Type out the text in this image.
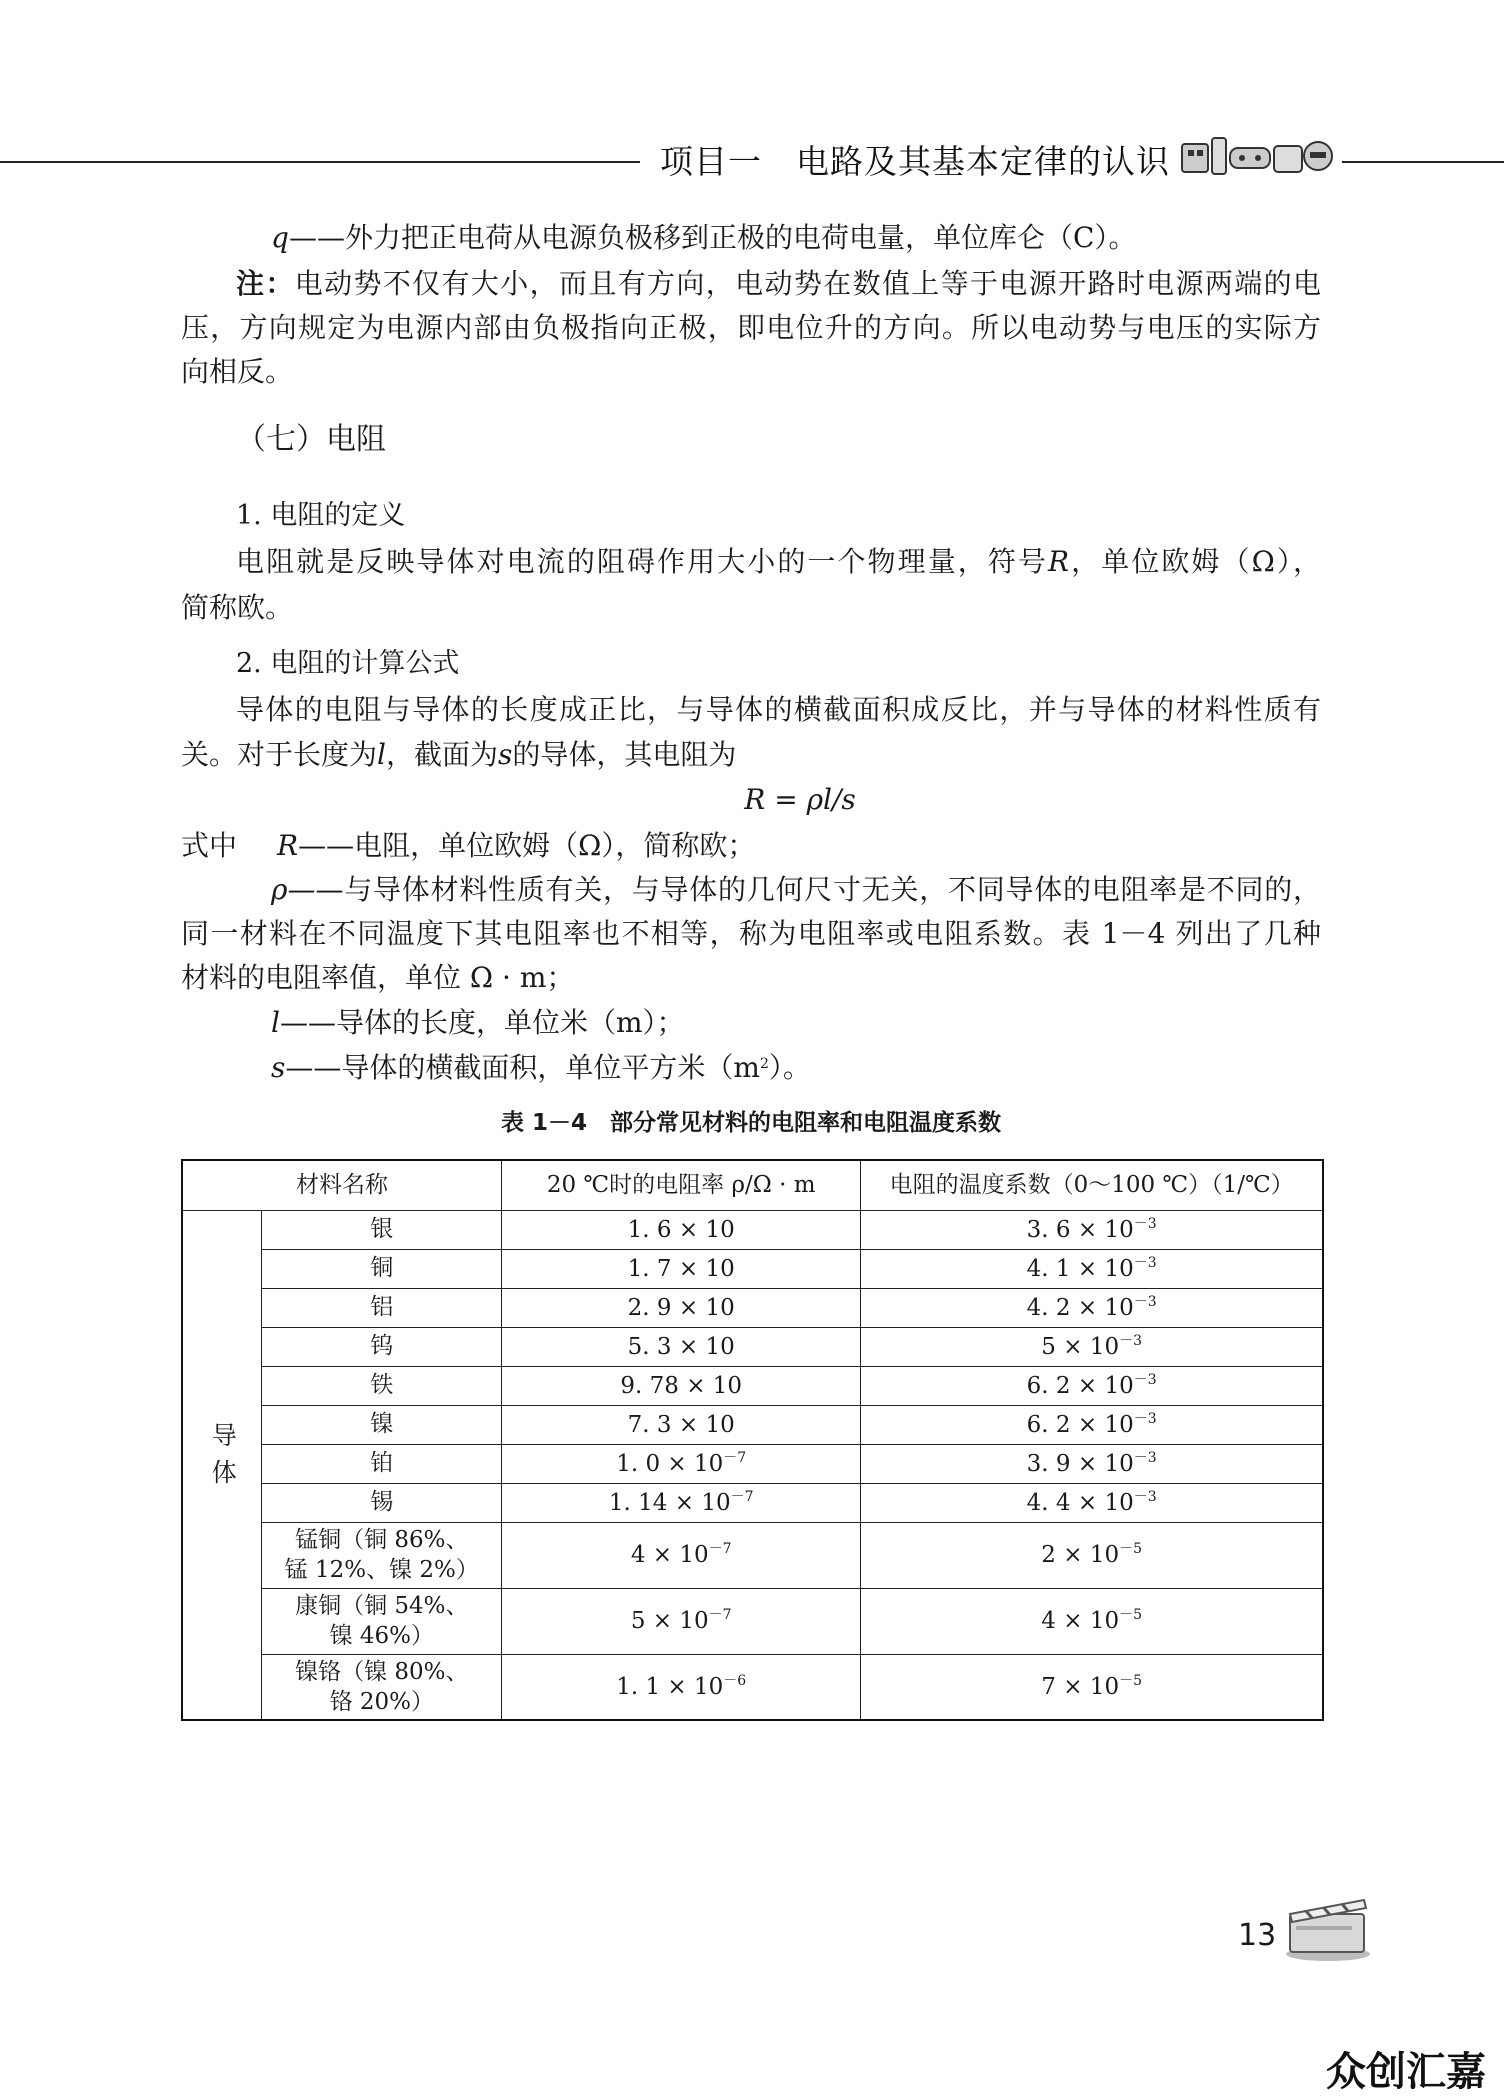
项目一　电路及其基本定律的认识
q——外力把正电荷从电源负极移到正极的电荷电量，单位库仑（C）。
注：电动势不仅有大小，而且有方向，电动势在数值上等于电源开路时电源两端的电
压，方向规定为电源内部由负极指向正极，即电位升的方向。所以电动势与电压的实际方
向相反。
（七）电阻
1. 电阻的定义
电阻就是反映导体对电流的阻碍作用大小的一个物理量，符号R，单位欧姆（Ω），
简称欧。
2. 电阻的计算公式
导体的电阻与导体的长度成正比，与导体的横截面积成反比，并与导体的材料性质有
关。对于长度为l，截面为s的导体，其电阻为
R = ρl/s
式中 R——电阻，单位欧姆（Ω），简称欧；
ρ——与导体材料性质有关，与导体的几何尺寸无关，不同导体的电阻率是不同的，
同一材料在不同温度下其电阻率也不相等，称为电阻率或电阻系数。表 1－4 列出了几种
材料的电阻率值，单位 Ω · m；
l——导体的长度，单位米（m）；
s——导体的横截面积，单位平方米$(m^2)$。
表 1－4　部分常见材料的电阻率和电阻温度系数
材料名称		20 ℃时的电阻率 ρ/Ω · m	电阻的温度系数（0～100 ℃）（1/℃）
导体	银	1. 6 × 10	3. $6 \times 10^{-3}$

	铜	1. 7 × 10	4. $1 \times 10^{-3}$

	铝	2. 9 × 10	4. $2 \times 10^{-3}$

	钨	5. 3 × 10	$5 \times 10^{-3}$

	铁	9. 78 × 10	6. $2 \times 10^{-3}$

	镍	7. 3 × 10	6. $2 \times 10^{-3}$

	铂	1. $0 \times 10^{-7}$	3. $9 \times 10^{-3}$

	锡	1. $14 \times 10^{-7}$	4. $4 \times 10^{-3}$

	锰铜（铜 86%、
锰 12%、镍 2%）	$4 \times 10^{-7}$	$2 \times 10^{-5}$

	康铜（铜 54%、
镍 46%）	$5 \times 10^{-7}$	$4 \times 10^{-5}$

	镍铬（镍 80%、
铬 20%）	1. $1 \times 10^{-6}$	$7 \times 10^{-5}$
13
众创汇嘉
